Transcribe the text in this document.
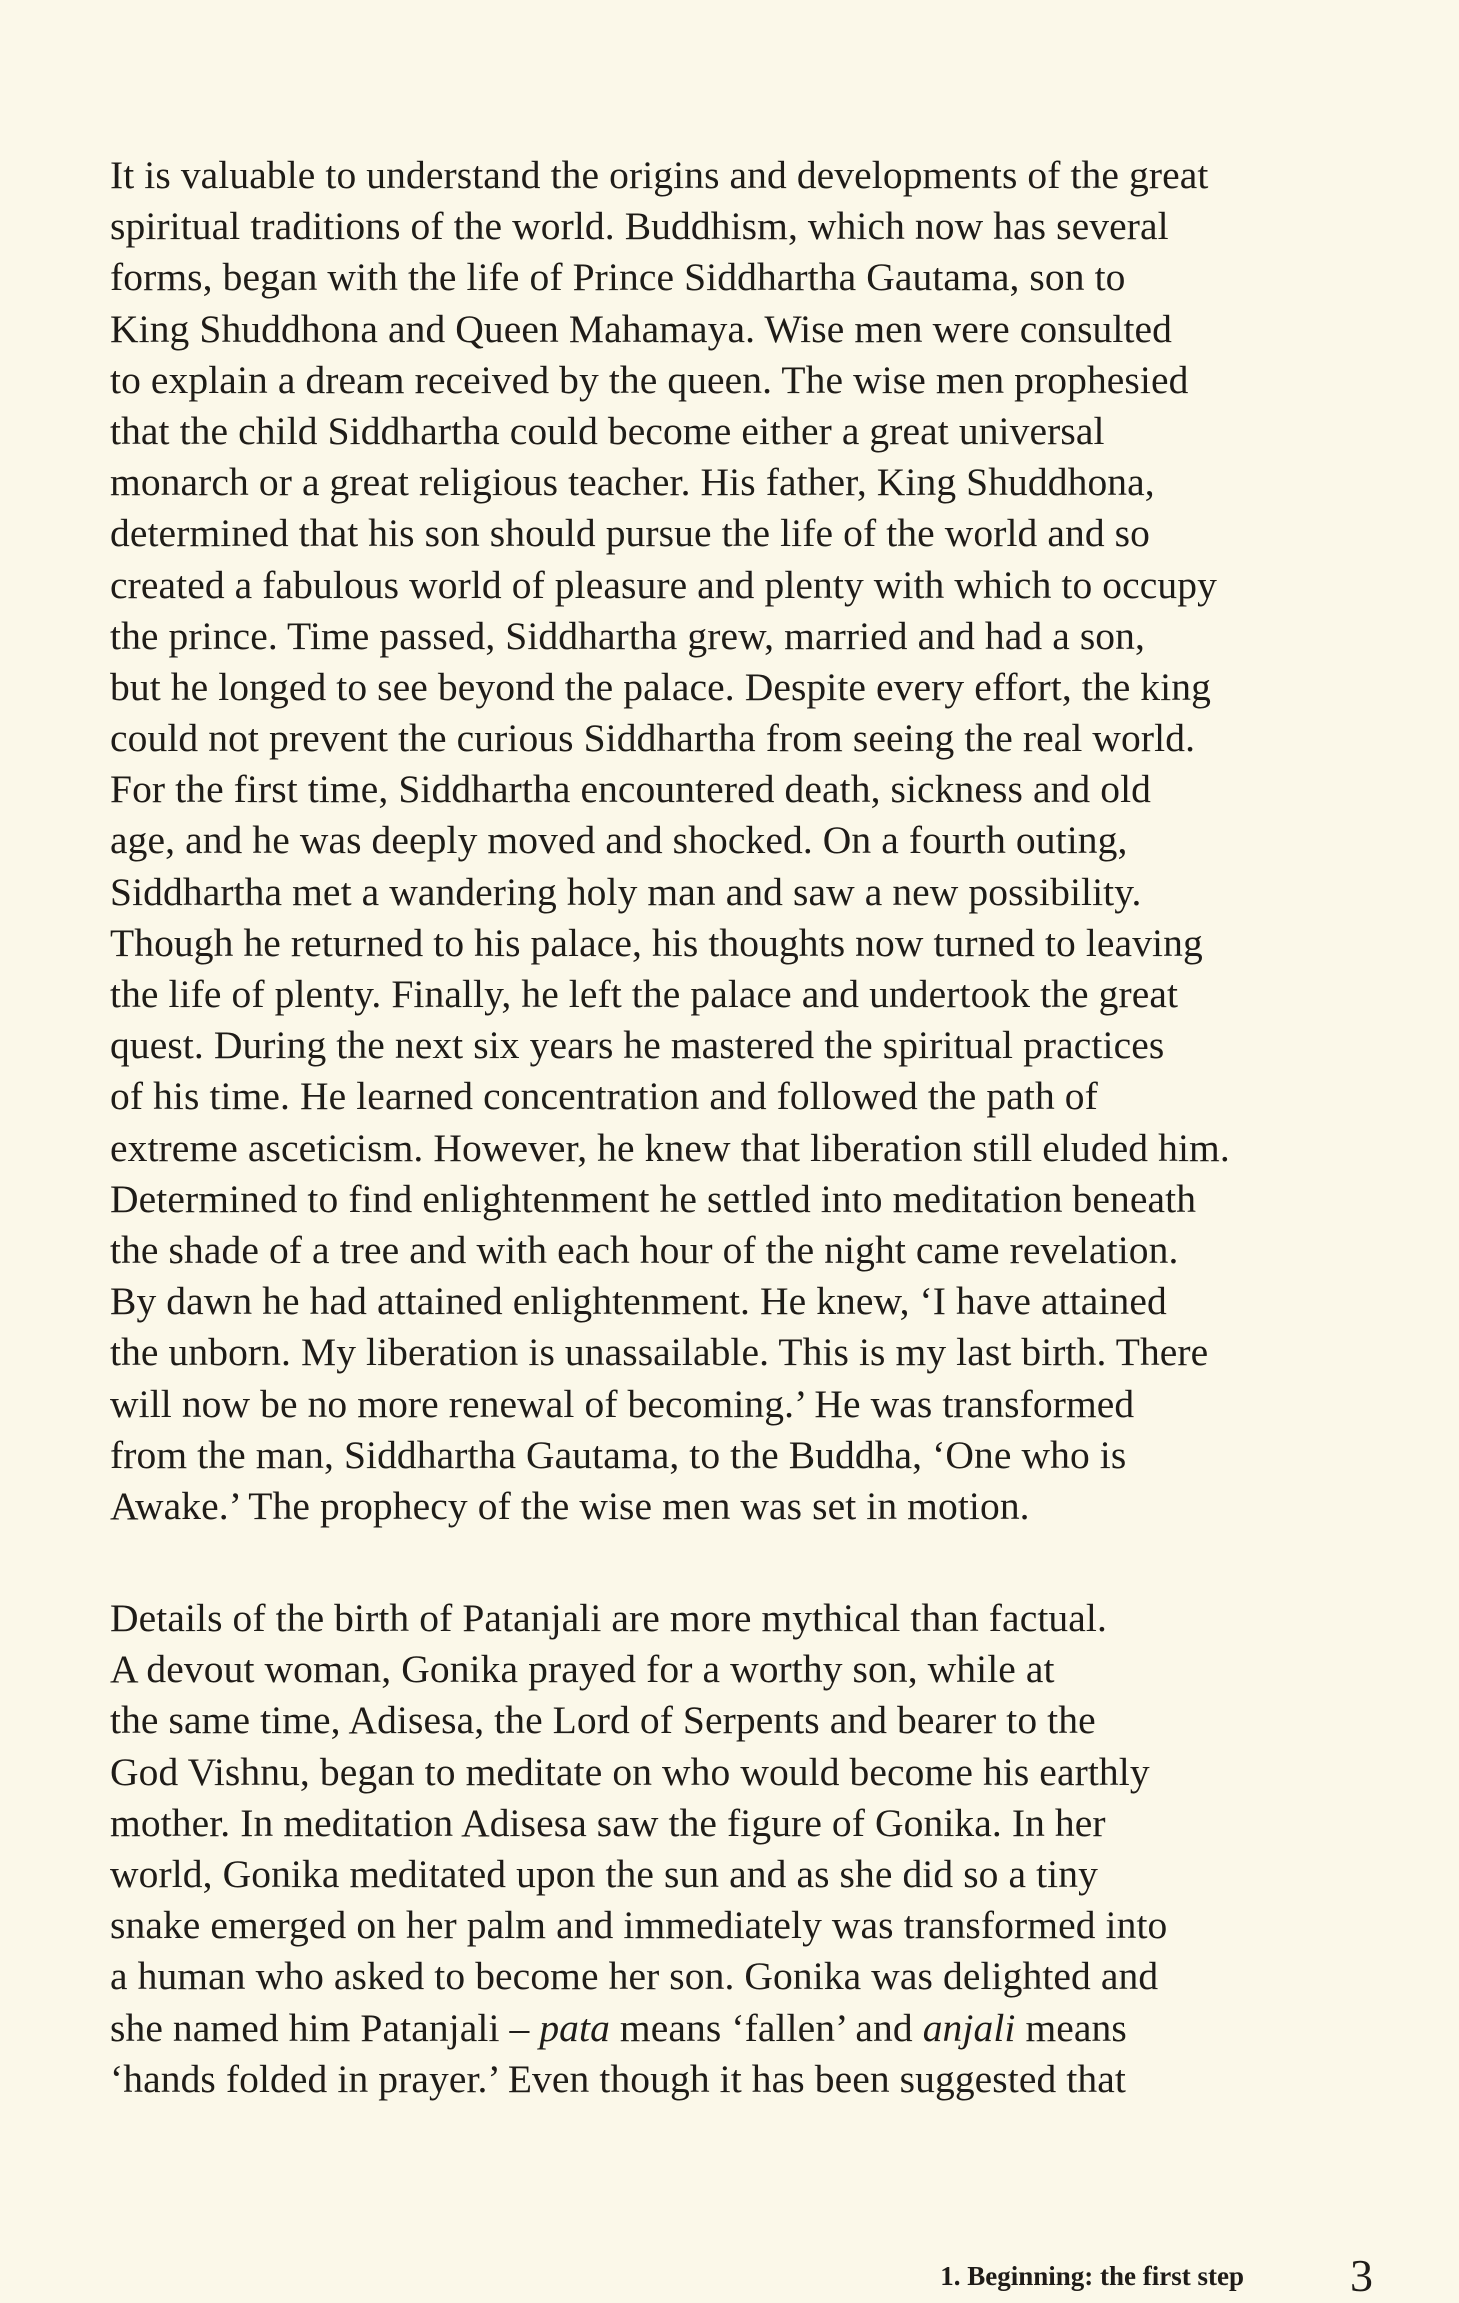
It is valuable to understand the origins and developments of the great
spiritual traditions of the world. Buddhism, which now has several
forms, began with the life of Prince Siddhartha Gautama, son to
King Shuddhona and Queen Mahamaya. Wise men were consulted
to explain a dream received by the queen. The wise men prophesied
that the child Siddhartha could become either a great universal
monarch or a great religious teacher. His father, King Shuddhona,
determined that his son should pursue the life of the world and so
created a fabulous world of pleasure and plenty with which to occupy
the prince. Time passed, Siddhartha grew, married and had a son,
but he longed to see beyond the palace. Despite every effort, the king
could not prevent the curious Siddhartha from seeing the real world.
For the first time, Siddhartha encountered death, sickness and old
age, and he was deeply moved and shocked. On a fourth outing,
Siddhartha met a wandering holy man and saw a new possibility.
Though he returned to his palace, his thoughts now turned to leaving
the life of plenty. Finally, he left the palace and undertook the great
quest. During the next six years he mastered the spiritual practices
of his time. He learned concentration and followed the path of
extreme asceticism. However, he knew that liberation still eluded him.
Determined to find enlightenment he settled into meditation beneath
the shade of a tree and with each hour of the night came revelation.
By dawn he had attained enlightenment. He knew, ‘I have attained
the unborn. My liberation is unassailable. This is my last birth. There
will now be no more renewal of becoming.’ He was transformed
from the man, Siddhartha Gautama, to the Buddha, ‘One who is
Awake.’ The prophecy of the wise men was set in motion.
Details of the birth of Patanjali are more mythical than factual.
A devout woman, Gonika prayed for a worthy son, while at
the same time, Adisesa, the Lord of Serpents and bearer to the
God Vishnu, began to meditate on who would become his earthly
mother. In meditation Adisesa saw the figure of Gonika. In her
world, Gonika meditated upon the sun and as she did so a tiny
snake emerged on her palm and immediately was transformed into
a human who asked to become her son. Gonika was delighted and
she named him Patanjali – pata means ‘fallen’ and anjali means
‘hands folded in prayer.’ Even though it has been suggested that
1. Beginning: the first step 3
